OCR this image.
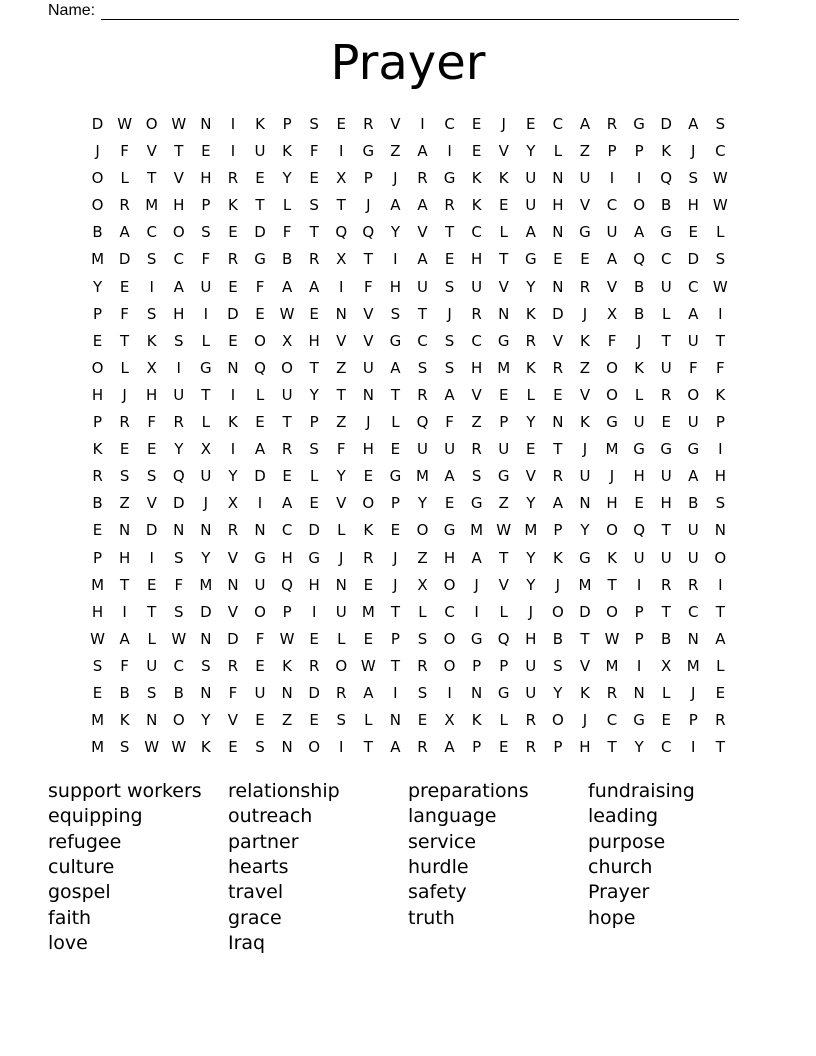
Name:
Prayer
D W O W N	I	K	P	S	E	R	V	I	C	E	J	E	C	A	R	G	D	A	S
J	F	V	T	E	I	U	K	F	I	G	Z	A	I	E	V	Y	L	Z	P	P	K	J	C
O	L	T	V	H	R	E	Y	E	X	P	J	R	G	K	K	U	N	U	I	I	Q	S W
O	R	M H	P	K	T	L	S	T	J	A	A	R	K	E	U	H	V	C	O	B	H W
B	A	C	O	S	E	D	F	T	Q	Q	Y	V	T	C	L	A	N	G	U	A	G	E	L
M D	S	C	F	R	G	B	R	X	T	I	A	E	H	T	G	E	E	A	Q	C	D	S
Y	E	I	A	U	E	F	A	A	I	F	H	U	S	U	V	Y	N	R	V	B	U	C W
P	F	S	H	I	D	E W E	N	V	S	T	J	R	N	K	D	J	X	B	L	A	I
E	T	K	S	L	E	O	X	H	V	V	G	C	S	C	G	R	V	K	F	J	T	U	T
O	L	X	I	G	N	Q	O	T	Z	U	A	S	S	H M	K	R	Z	O	K	U	F	F
H	J	H	U	T	I	L	U	Y	T	N	T	R	A	V	E	L	E	V	O	L	R	O	K
P	R	F	R	L	K	E	T	P	Z	J	L	Q	F	Z	P	Y	N	K	G	U	E	U	P
K	E	E	Y	X	I	A	R	S	F	H	E	U	U	R	U	E	T	J	M G	G	G	I
R	S	S	Q	U	Y	D	E	L	Y	E	G M	A	S	G	V	R	U	J	H	U	A	H
B	Z	V	D	J	X	I	A	E	V	O	P	Y	E	G	Z	Y	A	N	H	E	H	B	S
E	N	D	N	N	R	N	C	D	L	K	E	O	G M W M	P	Y	O	Q	T	U	N
P	H	I	S	Y	V	G	H	G	J	R	J	Z	H	A	T	Y	K	G	K	U	U	U	O
M	T	E	F	M N	U	Q	H	N	E	J	X	O	J	V	Y	J	M	T	I	R	R	I
H	I	T	S	D	V	O	P	I	U	M	T	L	C	I	L	J	O	D	O	P	T	C	T
W A	L	W N	D	F	W E	L	E	P	S	O	G	Q	H	B	T	W	P	B	N	A
S	F	U	C	S	R	E	K	R	O W	T	R	O	P	P	U	S	V	M	I	X	M	L
E	B	S	B	N	F	U	N	D	R	A	I	S	I	N	G	U	Y	K	R	N	L	J	E
M	K	N	O	Y	V	E	Z	E	S	L	N	E	X	K	L	R	O	J	C	G	E	P	R
M	S W W K	E	S	N	O	I	T	A	R	A	P	E	R	P	H	T	Y	C	I	T
support workers
equipping
refugee
culture
gospel
faith
love
relationship
outreach
partner
hearts
travel
grace
Iraq
preparations
language
service
hurdle
safety
truth
fundraising
leading
purpose
church
Prayer
hope
